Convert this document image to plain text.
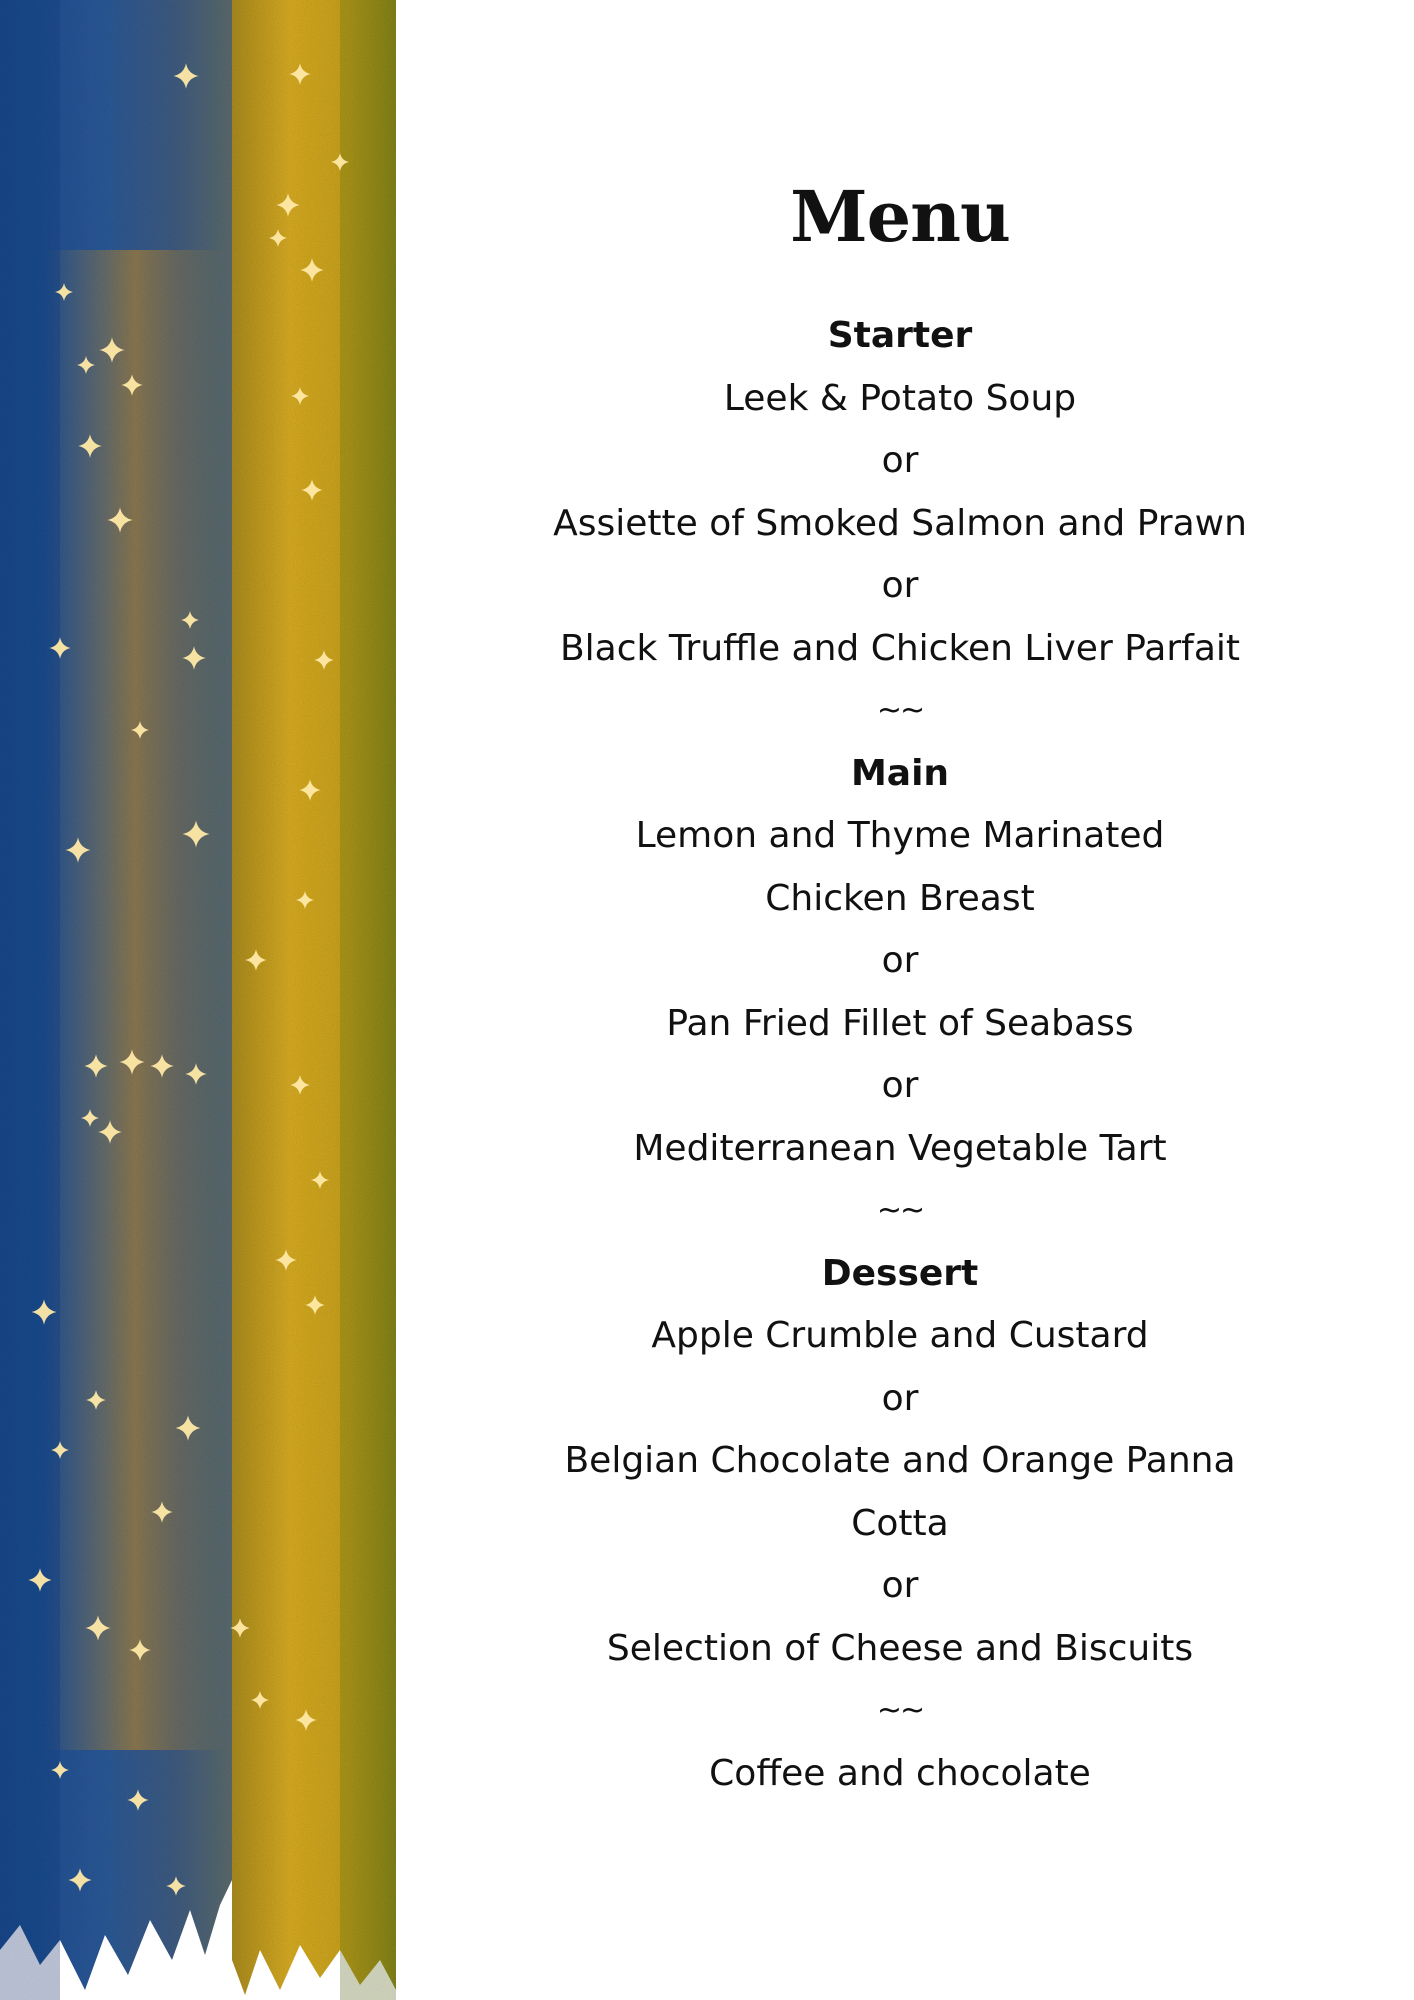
Menu
Starter
Leek & Potato Soup
or
Assiette of Smoked Salmon and Prawn
or
Black Truffle and Chicken Liver Parfait
~~
Main
Lemon and Thyme Marinated
Chicken Breast
or
Pan Fried Fillet of Seabass
or
Mediterranean Vegetable Tart
~~
Dessert
Apple Crumble and Custard
or
Belgian Chocolate and Orange Panna
Cotta
or
Selection of Cheese and Biscuits
~~
Coffee and chocolate
